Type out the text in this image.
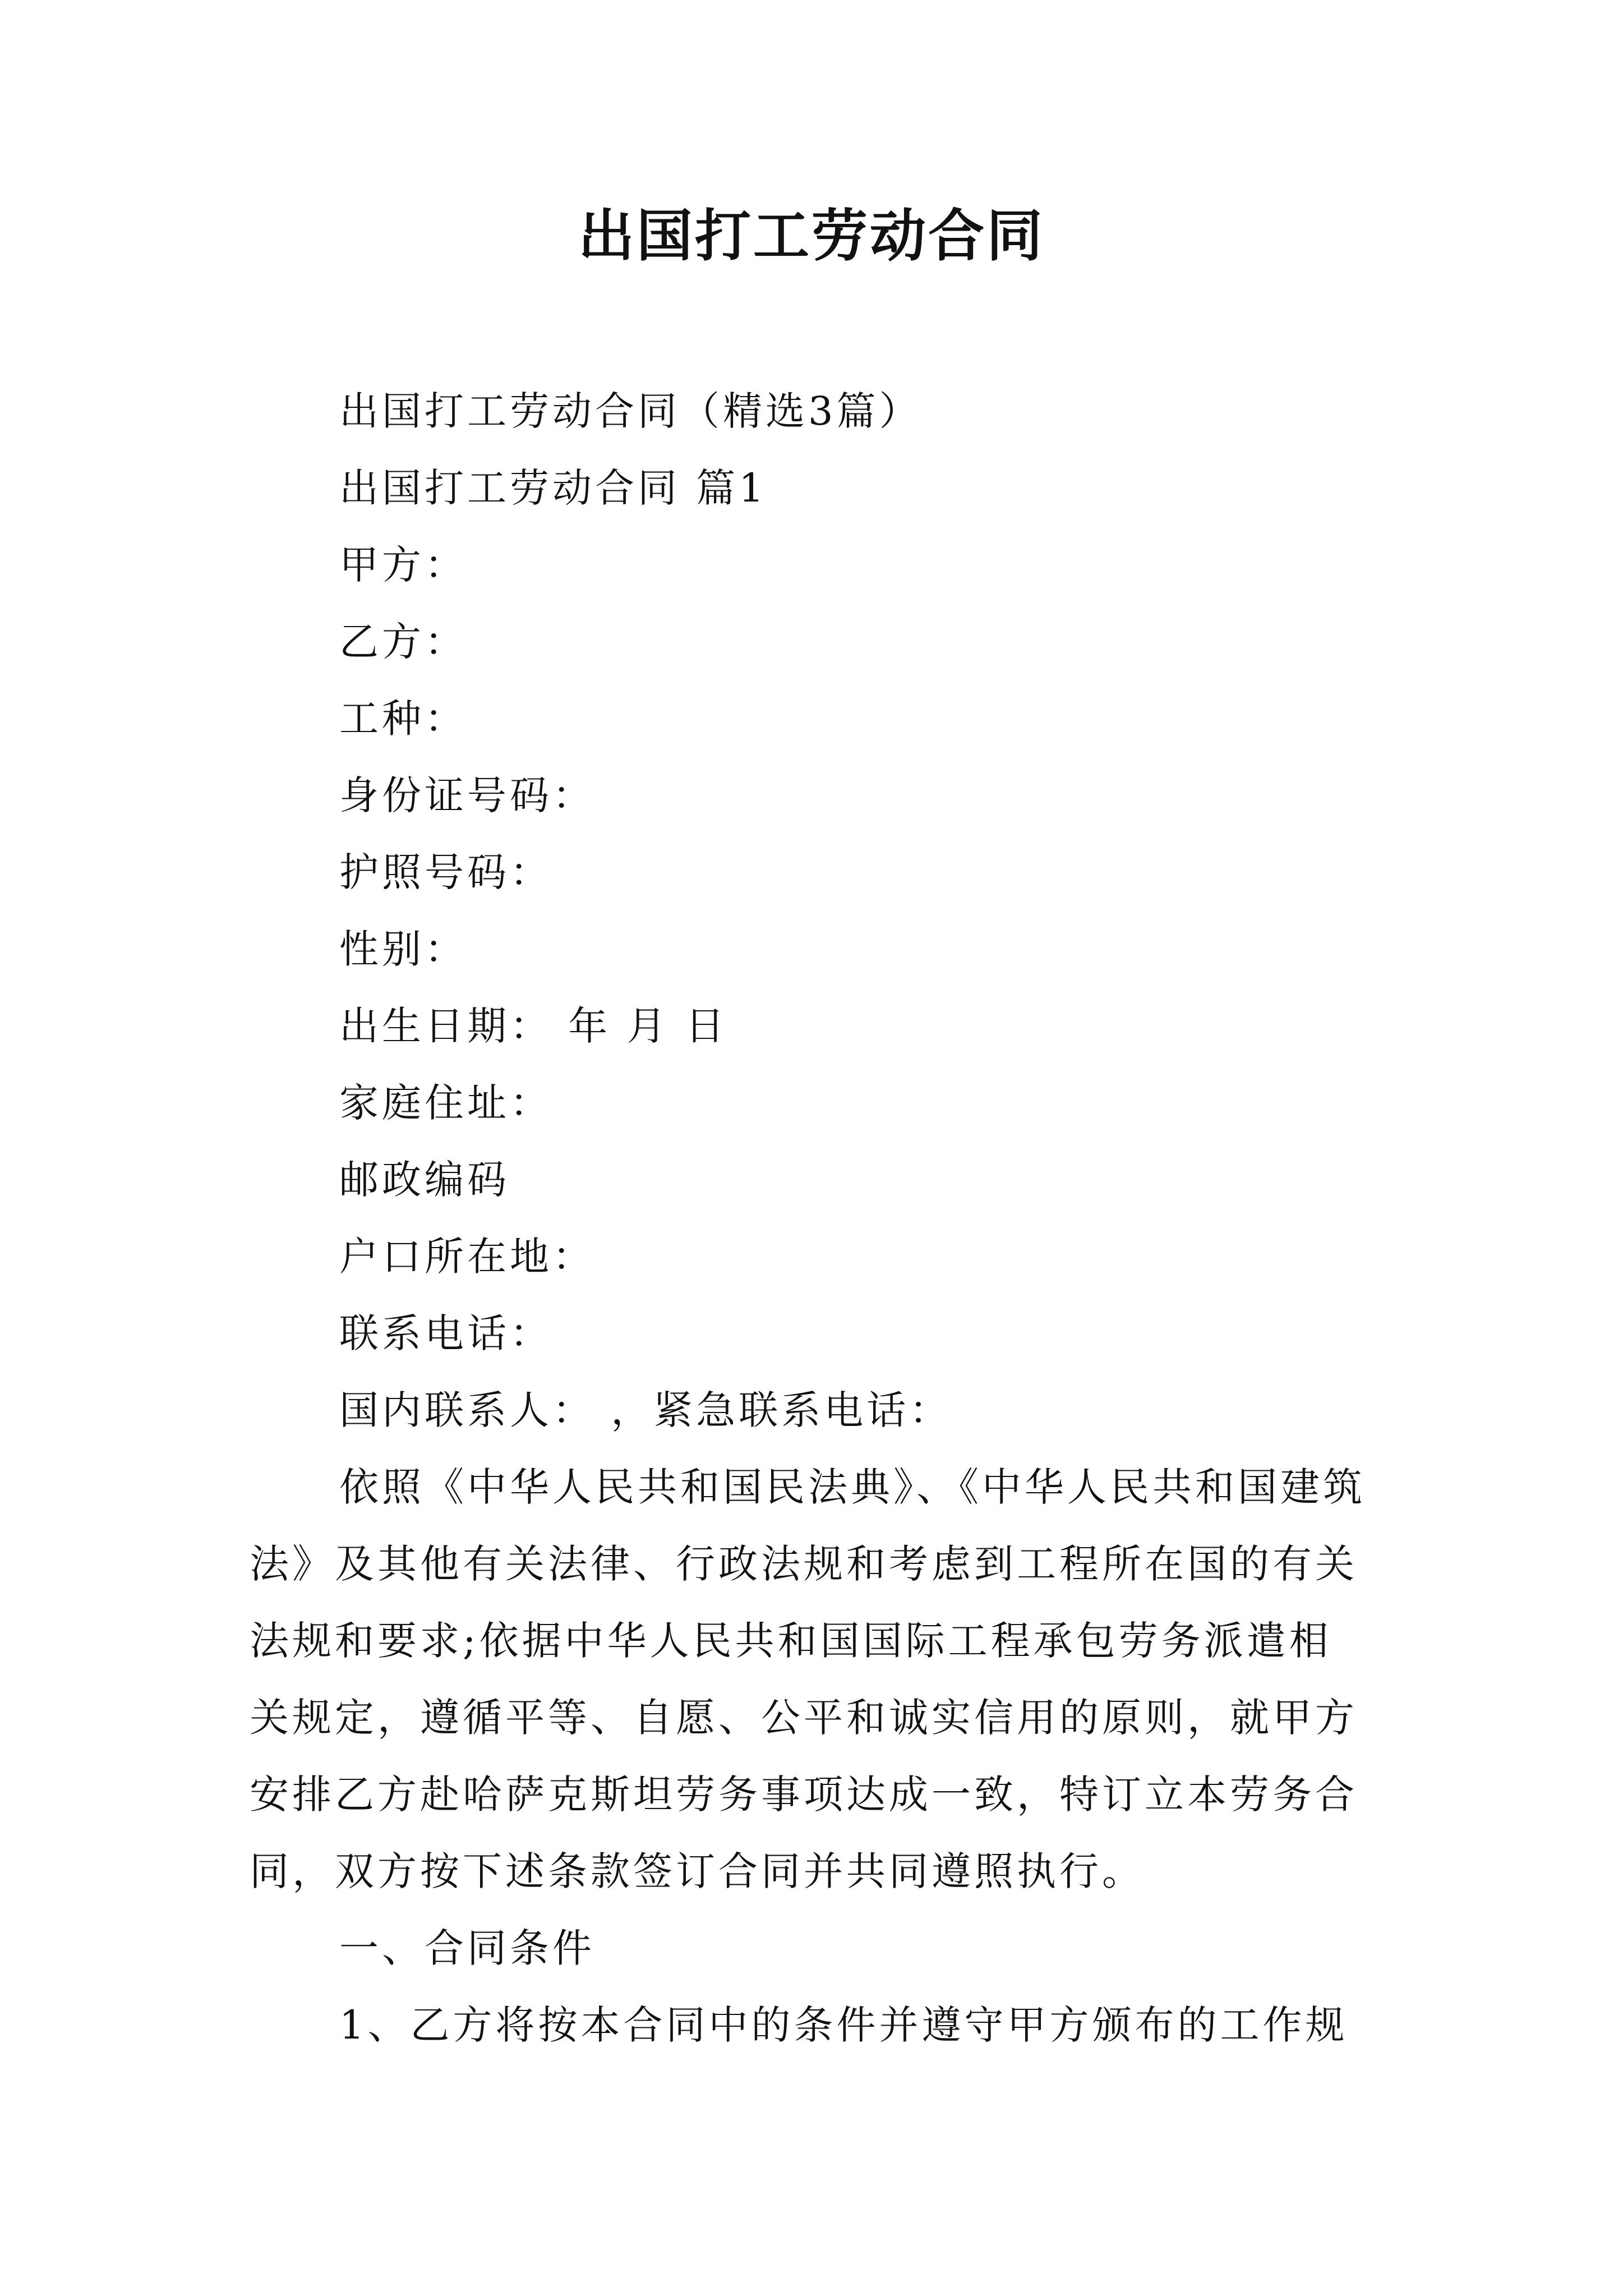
出国打工劳动合同

出国打工劳动合同（精选3篇）

出国打工劳动合同 篇1

甲方：

乙方：

工种：

身份证号码：

护照号码：

性别：

出生日期： 年 月 日

家庭住址：

邮政编码

户口所在地：

联系电话：

国内联系人： ，紧急联系电话：

依照《中华人民共和国民法典》、《中华人民共和国建筑

法》及其他有关法律、行政法规和考虑到工程所在国的有关

法规和要求;依据中华人民共和国国际工程承包劳务派遣相

关规定，遵循平等、自愿、公平和诚实信用的原则，就甲方

安排乙方赴哈萨克斯坦劳务事项达成一致，特订立本劳务合

同，双方按下述条款签订合同并共同遵照执行。

一、合同条件

1、乙方将按本合同中的条件并遵守甲方颁布的工作规
